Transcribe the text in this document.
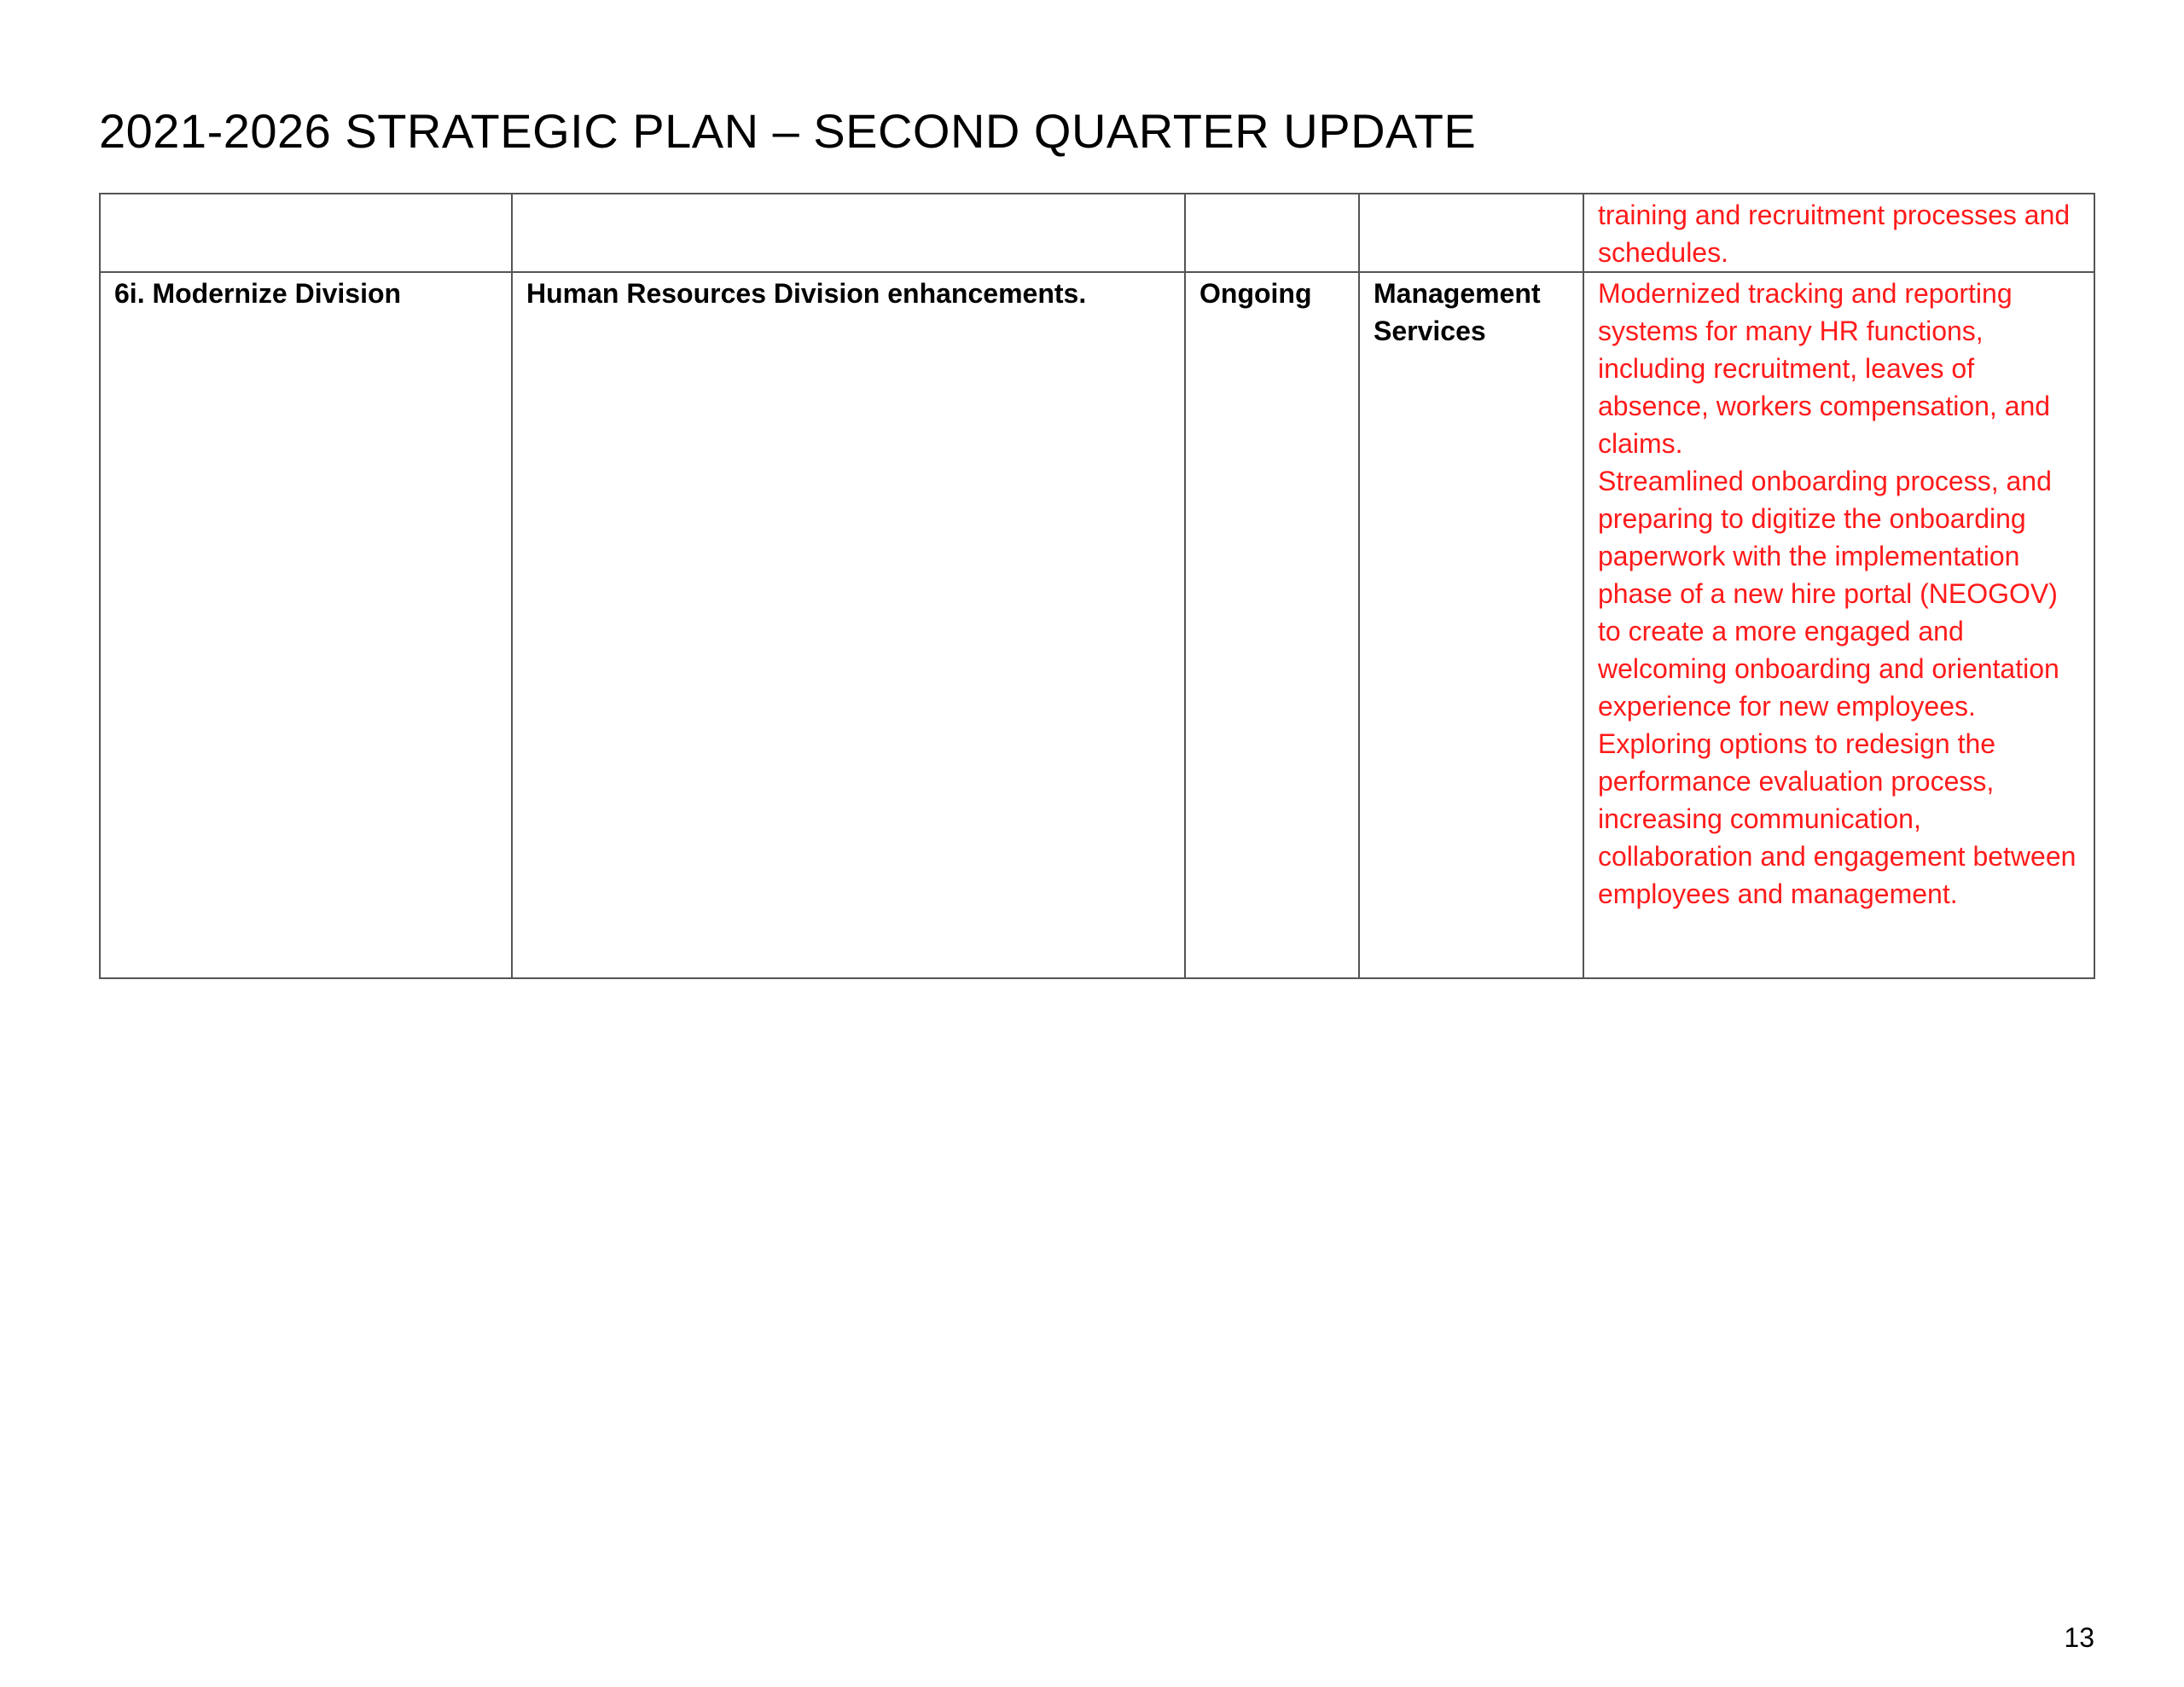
2021-2026 STRATEGIC PLAN – SECOND QUARTER UPDATE
				training and recruitment processes and schedules.
6i. Modernize Division	Human Resources Division enhancements.	Ongoing	Management Services	Modernized tracking and reporting systems for many HR functions, including recruitment, leaves of absence, workers compensation, and claims.
Streamlined onboarding process, and preparing to digitize the onboarding paperwork with the implementation phase of a new hire portal (NEOGOV) to create a more engaged and welcoming onboarding and orientation experience for new employees.
Exploring options to redesign the performance evaluation process, increasing communication, collaboration and engagement between employees and management.
13
